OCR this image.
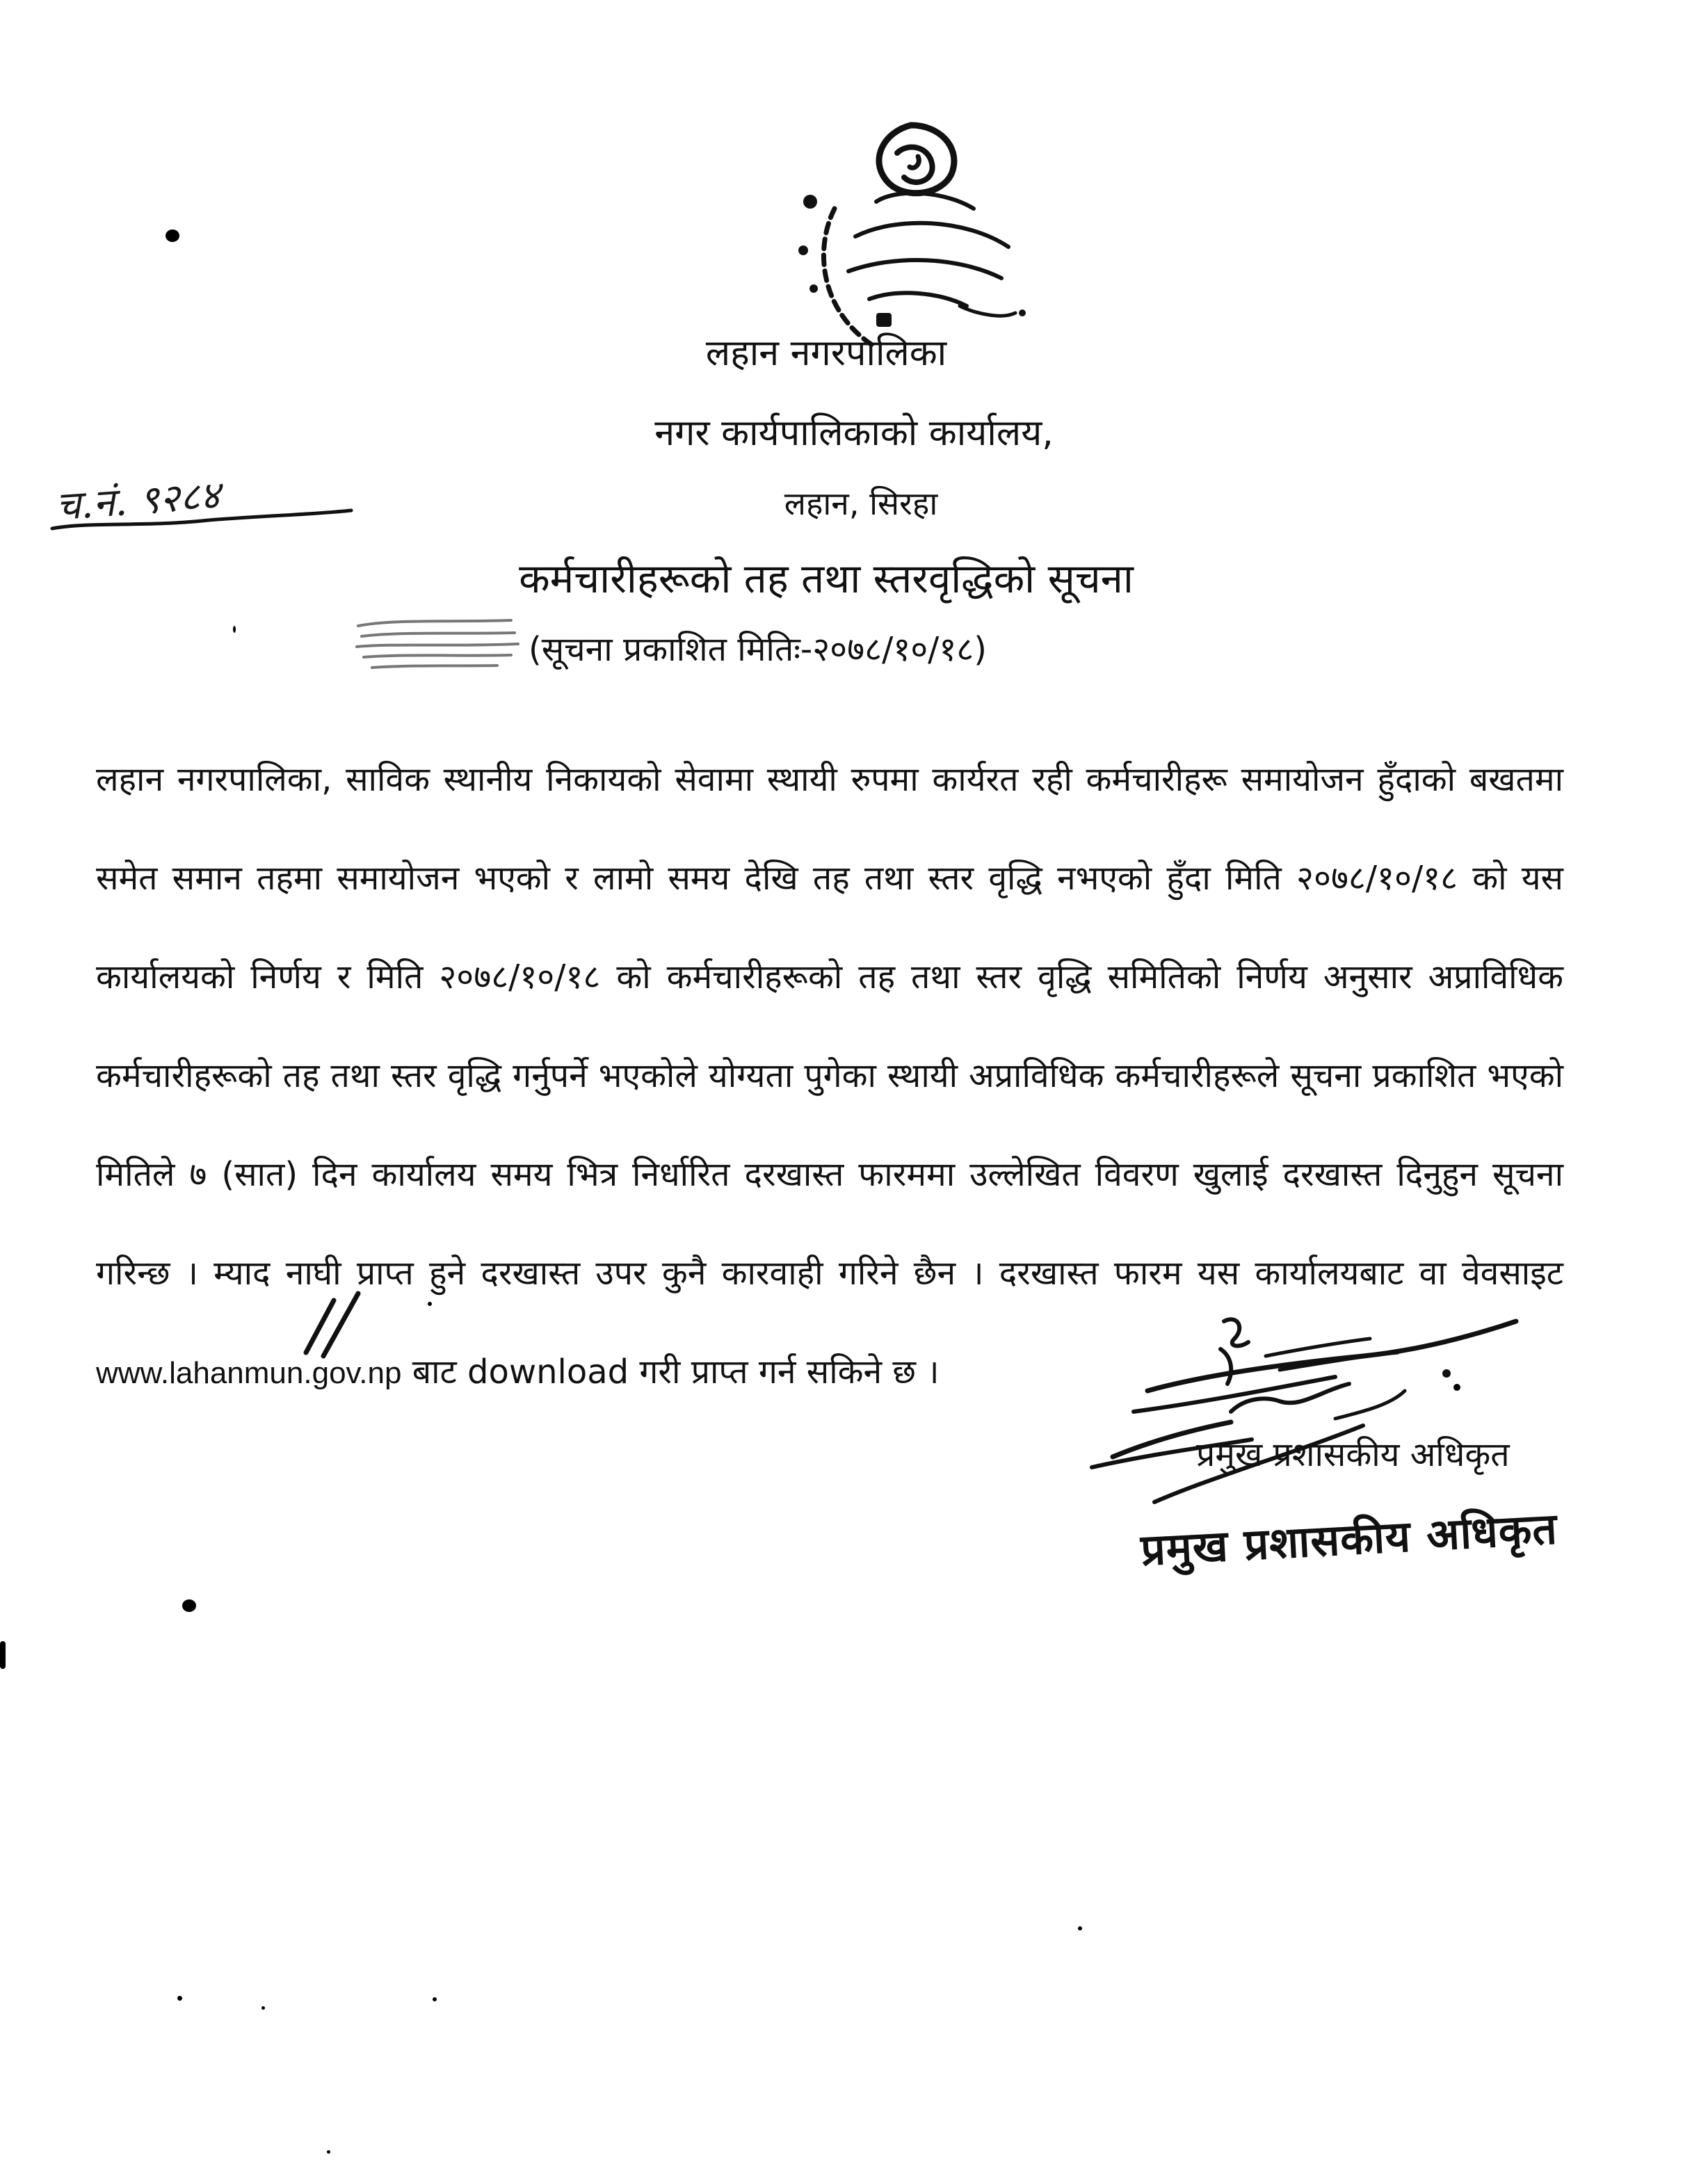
च.नं. ९२८४
लहान नगरपालिका
नगर कार्यपालिकाको कार्यालय,
लहान, सिरहा
कर्मचारीहरूको तह तथा स्तरवृद्धिको सूचना
(सूचना प्रकाशित मितिः-२०७८/१०/१८)
लहान नगरपालिका, साविक स्थानीय निकायको सेवामा स्थायी रुपमा कार्यरत रही कर्मचारीहरू समायोजन हुँदाको बखतमा समेत समान तहमा समायोजन भएको र लामो समय देखि तह तथा स्तर वृद्धि नभएको हुँदा मिति २०७८/१०/१८ को यस कार्यालयको निर्णय र मिति २०७८/१०/१८ को कर्मचारीहरूको तह तथा स्तर वृद्धि समितिको निर्णय अनुसार अप्राविधिक कर्मचारीहरूको तह तथा स्तर वृद्धि गर्नुपर्ने भएकोले योग्यता पुगेका स्थायी अप्राविधिक कर्मचारीहरूले सूचना प्रकाशित भएको मितिले ७ (सात) दिन कार्यालय समय भित्र निर्धारित दरखास्त फारममा उल्लेखित विवरण खुलाई दरखास्त दिनुहुन सूचना गरिन्छ । म्याद नाघी प्राप्त हुने दरखास्त उपर कुनै कारवाही गरिने छैन । दरखास्त फारम यस कार्यालयबाट वा वेवसाइट www.lahanmun.gov.np बाट download गरी प्राप्त गर्न सकिने छ ।
प्रमुख प्रशासकीय अधिकृत
प्रमुख प्रशासकीय अधिकृत
